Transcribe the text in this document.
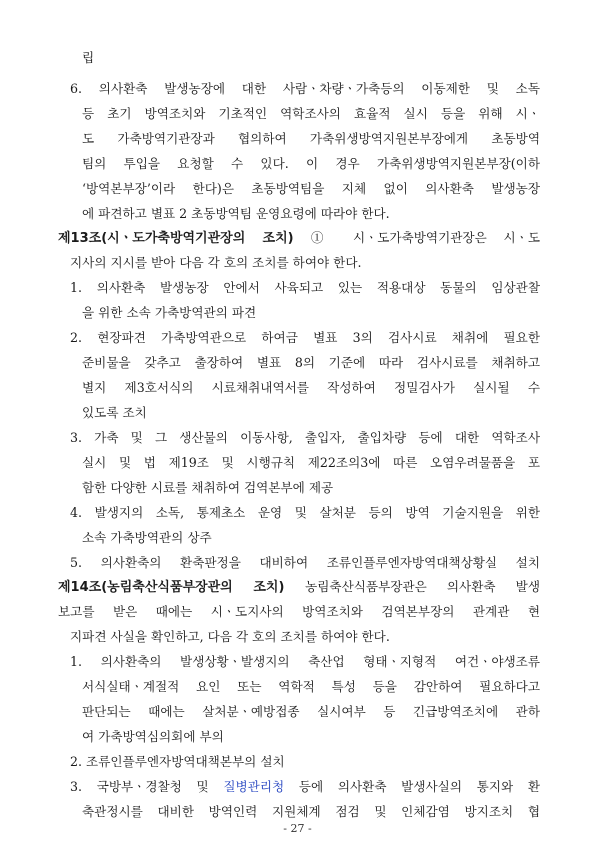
립
6. 의사환축 발생농장에 대한 사람ㆍ차량ㆍ가축등의 이동제한 및 소독
등 초기 방역조치와 기초적인 역학조사의 효율적 실시 등을 위해 시ㆍ
도 가축방역기관장과 협의하여 가축위생방역지원본부장에게 초동방역
팀의 투입을 요청할 수 있다. 이 경우 가축위생방역지원본부장(이하
‘방역본부장’이라 한다)은 초동방역팀을 지체 없이 의사환축 발생농장
에 파견하고 별표 2 초동방역팀 운영요령에 따라야 한다.
제13조(시ㆍ도가축방역기관장의 조치) ① 시ㆍ도가축방역기관장은 시ㆍ도
지사의 지시를 받아 다음 각 호의 조치를 하여야 한다.
1. 의사환축 발생농장 안에서 사육되고 있는 적용대상 동물의 임상관찰
을 위한 소속 가축방역관의 파견
2. 현장파견 가축방역관으로 하여금 별표 3의 검사시료 채취에 필요한
준비물을 갖추고 출장하여 별표 8의 기준에 따라 검사시료를 채취하고
별지 제3호서식의 시료채취내역서를 작성하여 정밀검사가 실시될 수
있도록 조치
3. 가축 및 그 생산물의 이동사항, 출입자, 출입차량 등에 대한 역학조사
실시 및 법 제19조 및 시행규칙 제22조의3에 따른 오염우려물품을 포
함한 다양한 시료를 채취하여 검역본부에 제공
4. 발생지의 소독, 통제초소 운영 및 살처분 등의 방역 기술지원을 위한
소속 가축방역관의 상주
5. 의사환축의 환축판정을 대비하여 조류인플루엔자방역대책상황실 설치
제14조(농림축산식품부장관의 조치) 농림축산식품부장관은 의사환축 발생
보고를 받은 때에는 시ㆍ도지사의 방역조치와 검역본부장의 관계관 현
지파견 사실을 확인하고, 다음 각 호의 조치를 하여야 한다.
1. 의사환축의 발생상황ㆍ발생지의 축산업 형태ㆍ지형적 여건ㆍ야생조류
서식실태ㆍ계절적 요인 또는 역학적 특성 등을 감안하여 필요하다고
판단되는 때에는 살처분ㆍ예방접종 실시여부 등 긴급방역조치에 관하
여 가축방역심의회에 부의
2. 조류인플루엔자방역대책본부의 설치
3. 국방부ㆍ경찰청 및 질병관리청 등에 의사환축 발생사실의 통지와 환
축관정시를 대비한 방역인력 지원체계 점검 및 인체감염 방지조치 협
- 27 -
